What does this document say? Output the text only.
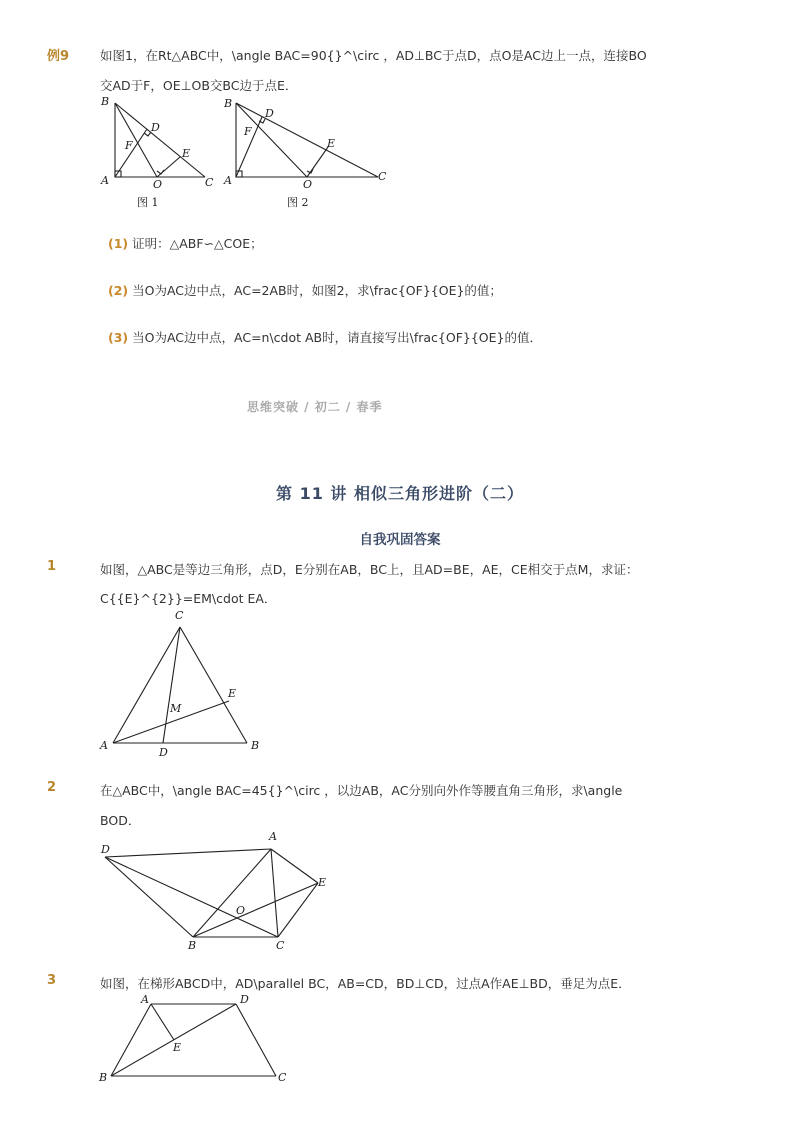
例9 如图1，在Rt△ABC中，\angle BAC=90{}^\circ ，AD⊥BC于点D，点O是AC边上一点，连接BO
交AD于F，OE⊥OB交BC边于点E．
B
A	C
D
E
F
O
图 1
B
A	C
D
E
F
O
图 2
(1) 证明：△ABF∽△COE；
(2) 当O为AC边中点，AC=2AB时，如图2，求\frac{OF}{OE}的值；
(3) 当O为AC边中点，AC=n\cdot AB时，请直接写出\frac{OF}{OE}的值．
思维突破 / 初二 / 春季
第 11 讲 相似三角形进阶（二）
自我巩固答案
1	如图，△ABC是等边三角形，点D，E分别在AB，BC上，且AD=BE，AE，CE相交于点M，求证：
C{{E}^{2}}=EM\cdot EA．
C
A	B
D
E
M
2	在△ABC中，\angle BAC=45{}^\circ ，以边AB，AC分别向外作等腰直角三角形，求\angle
BOD．
D
A
E
O
B	C
3	如图，在梯形ABCD中，AD\parallel BC，AB=CD，BD⊥CD，过点A作AE⊥BD，垂足为点E．
A	D
B	C
E
